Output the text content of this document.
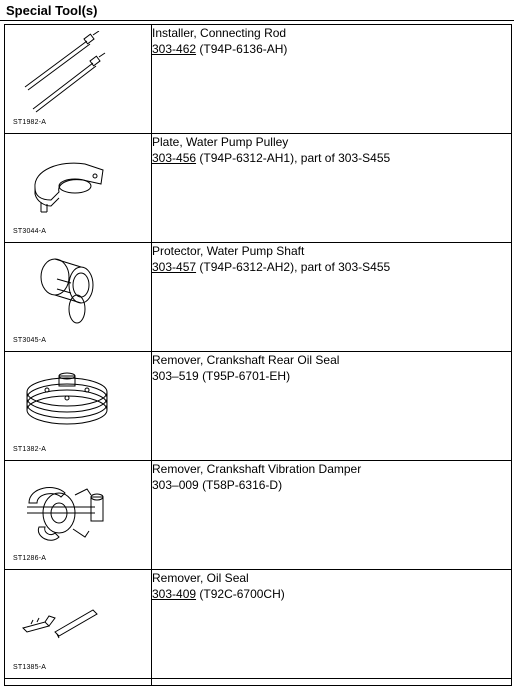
Special Tool(s)
ST1982-A	Installer, Connecting Rod
303-462 (T94P-6136-AH)

ST3044-A	Plate, Water Pump Pulley
303-456 (T94P-6312-AH1), part of 303-S455

ST3045-A	Protector, Water Pump Shaft
303-457 (T94P-6312-AH2), part of 303-S455

ST1382-A	Remover, Crankshaft Rear Oil Seal
303–519 (T95P-6701-EH)

ST1286-A	Remover, Crankshaft Vibration Damper
303–009 (T58P-6316-D)

ST1385-A	Remover, Oil Seal
303-409 (T92C-6700CH)
